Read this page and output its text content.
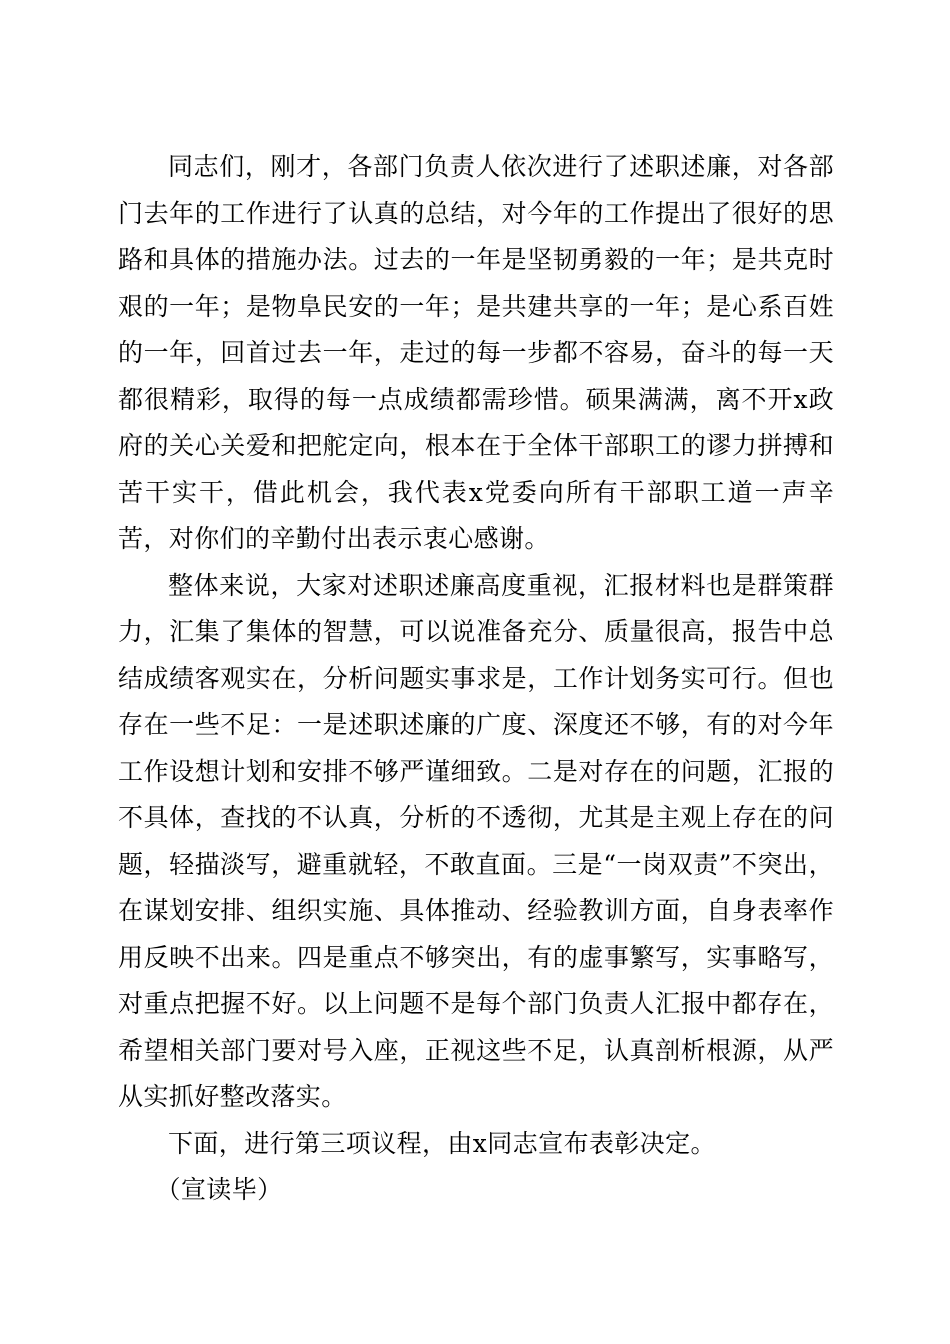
同志们，刚才，各部门负责人依次进行了述职述廉，对各部门去年的工作进行了认真的总结，对今年的工作提出了很好的思路和具体的措施办法。过去的一年是坚韧勇毅的一年；是共克时艰的一年；是物阜民安的一年；是共建共享的一年；是心系百姓的一年，回首过去一年，走过的每一步都不容易，奋斗的每一天都很精彩，取得的每一点成绩都需珍惜。硕果满满，离不开x政府的关心关爱和把舵定向，根本在于全体干部职工的谬力拼搏和苦干实干，借此机会，我代表x党委向所有干部职工道一声辛苦，对你们的辛勤付出表示衷心感谢。

整体来说，大家对述职述廉高度重视，汇报材料也是群策群力，汇集了集体的智慧，可以说准备充分、质量很高，报告中总结成绩客观实在，分析问题实事求是，工作计划务实可行。但也存在一些不足：一是述职述廉的广度、深度还不够，有的对今年工作设想计划和安排不够严谨细致。二是对存在的问题，汇报的不具体，查找的不认真，分析的不透彻，尤其是主观上存在的问题，轻描淡写，避重就轻，不敢直面。三是“一岗双责”不突出，在谋划安排、组织实施、具体推动、经验教训方面，自身表率作用反映不出来。四是重点不够突出，有的虚事繁写，实事略写，对重点把握不好。以上问题不是每个部门负责人汇报中都存在，希望相关部门要对号入座，正视这些不足，认真剖析根源，从严从实抓好整改落实。

下面，进行第三项议程，由x同志宣布表彰决定。

（宣读毕）
